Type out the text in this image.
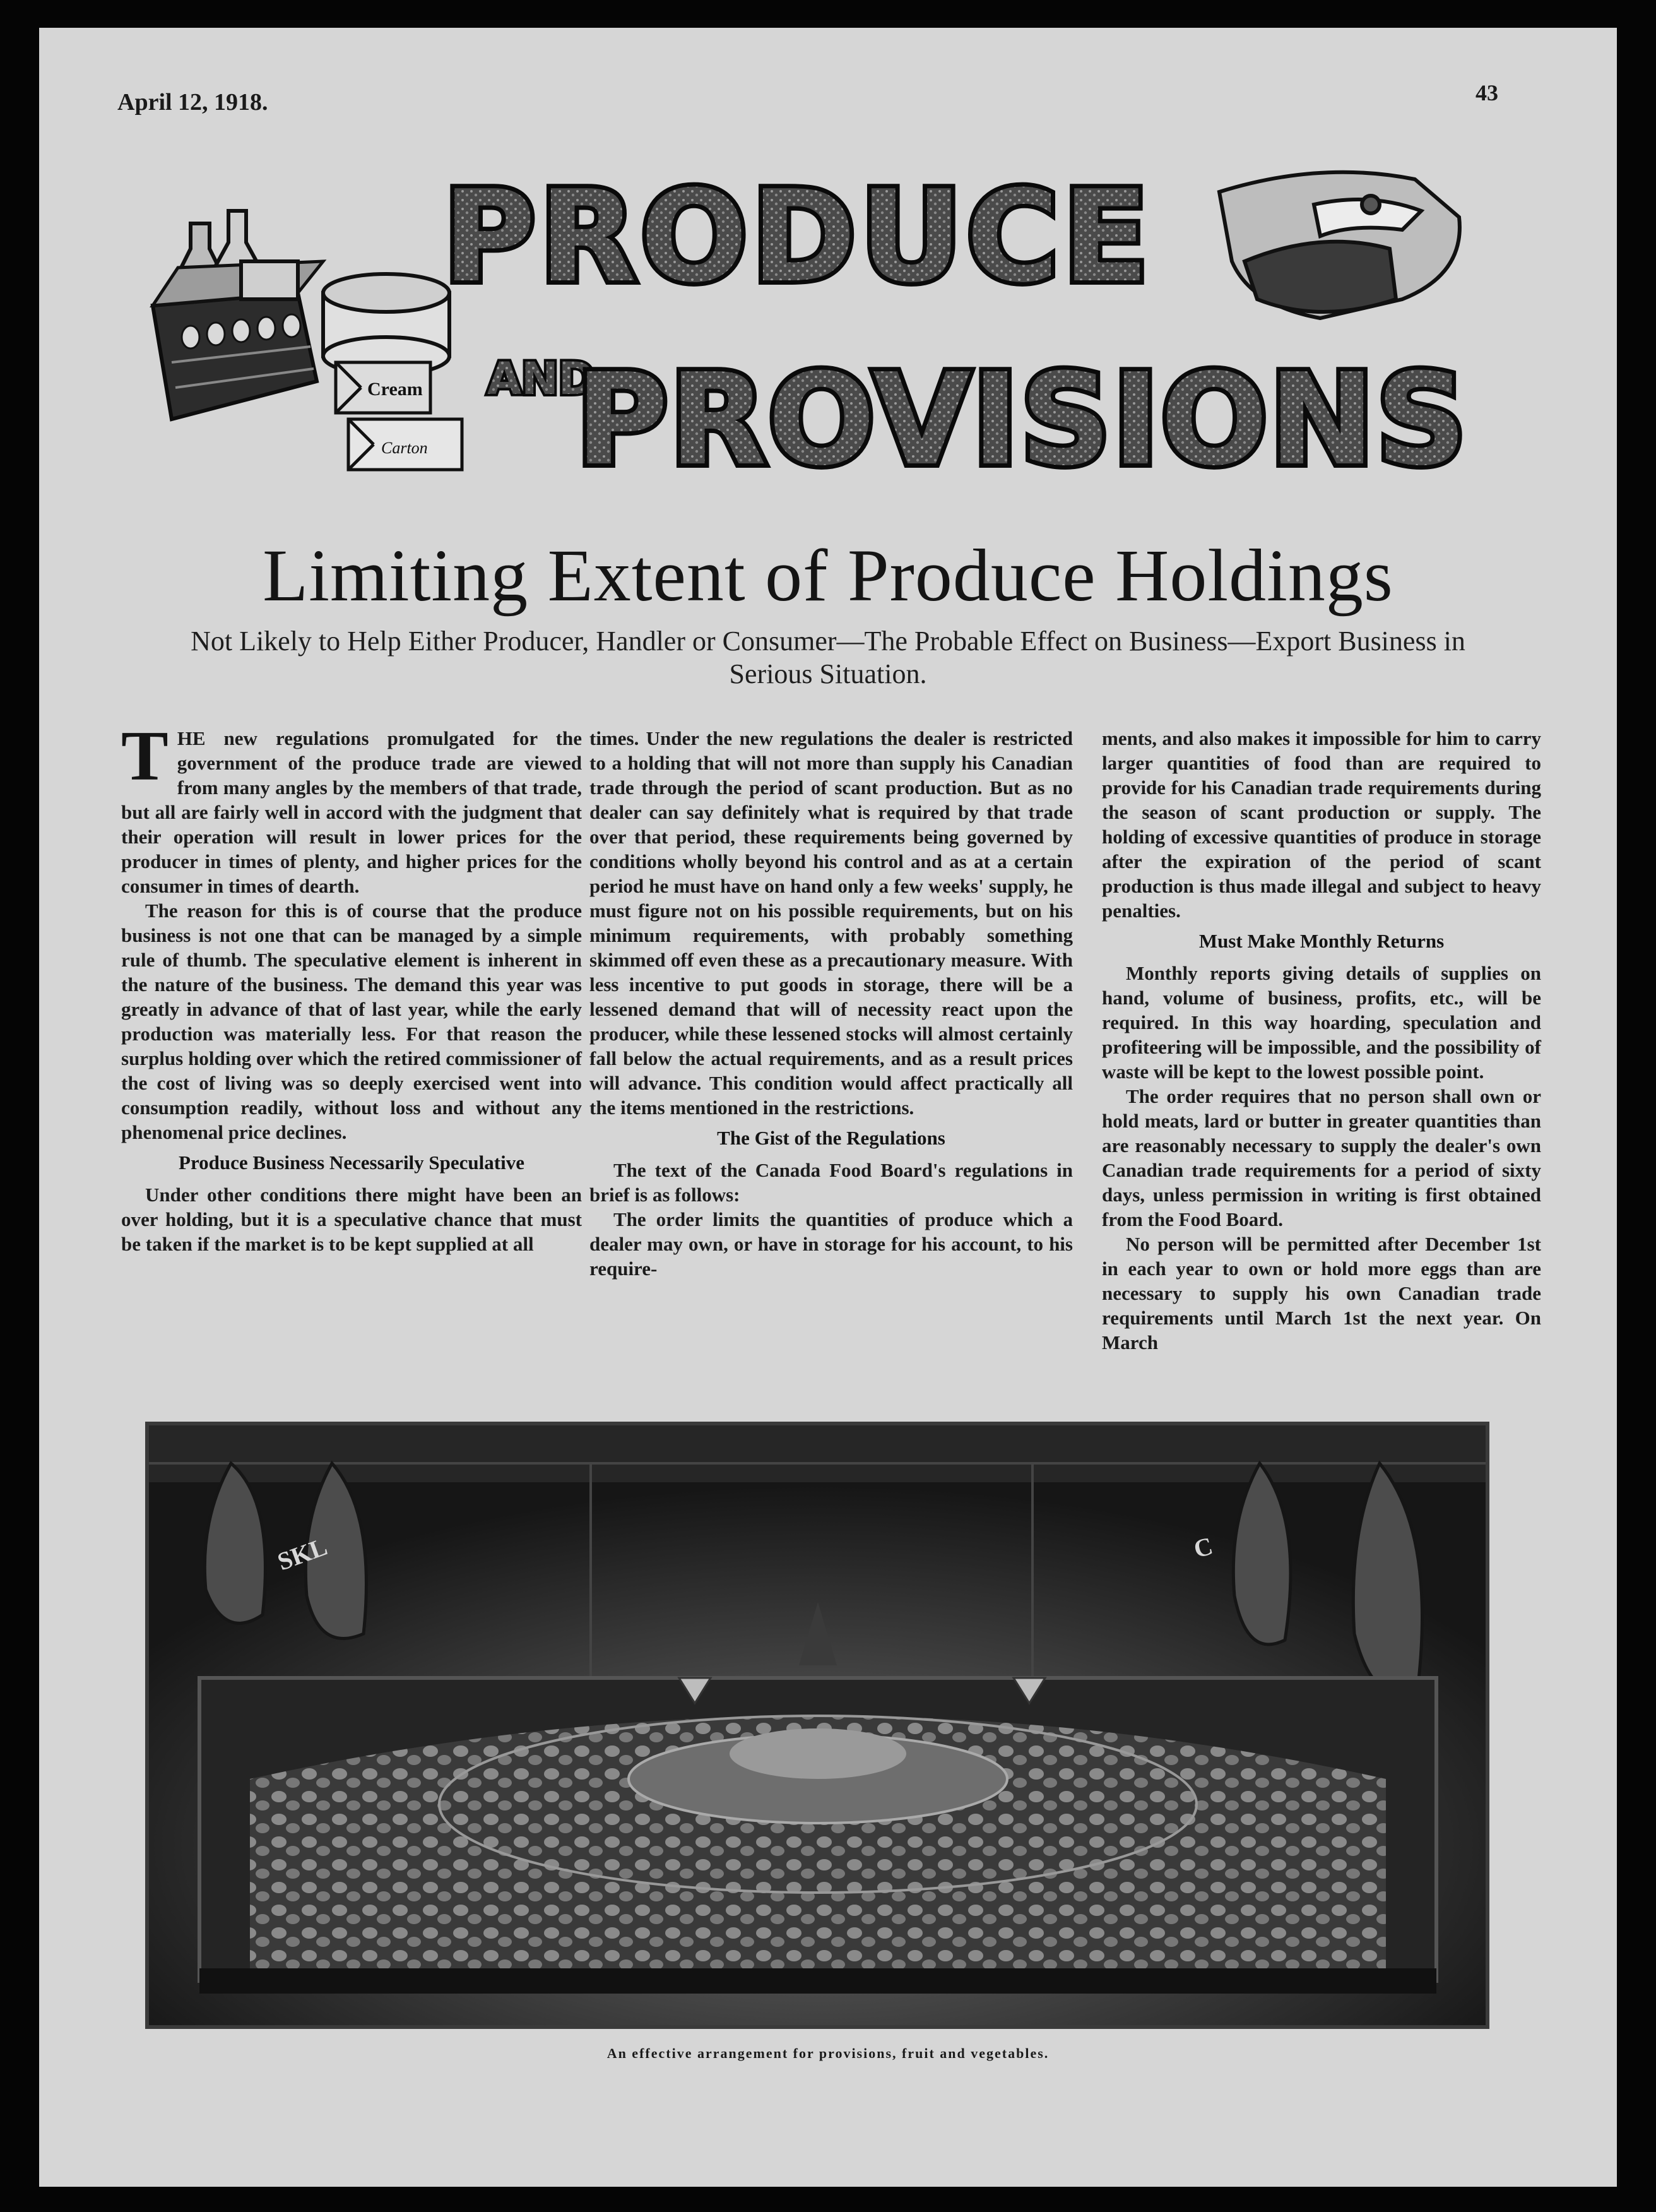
April 12, 1918.	43
Cream
Carton
PRODUCE
AND
PROVISIONS
Limiting Extent of Produce Holdings
Not Likely to Help Either Producer, Handler or Consumer—The Probable Effect on Business—Export Business in Serious Situation.

THE new regulations promulgated for the government of the produce trade are viewed from many angles by the members of that trade, but all are fairly well in accord with the judgment that their operation will result in lower prices for the producer in times of plenty, and higher prices for the consumer in times of dearth.

The reason for this is of course that the produce business is not one that can be managed by a simple rule of thumb. The speculative element is inherent in the nature of the business. The demand this year was greatly in advance of that of last year, while the early production was materially less. For that reason the surplus holding over which the retired commissioner of the cost of living was so deeply exercised went into consumption readily, without loss and without any phenomenal price declines.

Produce Business Necessarily Speculative

Under other conditions there might have been an over holding, but it is a speculative chance that must be taken if the market is to be kept supplied at all

times. Under the new regulations the dealer is restricted to a holding that will not more than supply his Canadian trade through the period of scant production. But as no dealer can say definitely what is required by that trade over that period, these requirements being governed by conditions wholly beyond his control and as at a certain period he must have on hand only a few weeks' supply, he must figure not on his possible requirements, but on his minimum requirements, with probably something skimmed off even these as a precautionary measure. With less incentive to put goods in storage, there will be a lessened demand that will of necessity react upon the producer, while these lessened stocks will almost certainly fall below the actual requirements, and as a result prices will advance. This condition would affect practically all the items mentioned in the restrictions.

The Gist of the Regulations

The text of the Canada Food Board's regulations in brief is as follows:

The order limits the quantities of produce which a dealer may own, or have in storage for his account, to his require-

ments, and also makes it impossible for him to carry larger quantities of food than are required to provide for his Canadian trade requirements during the season of scant production or supply. The holding of excessive quantities of produce in storage after the expiration of the period of scant production is thus made illegal and subject to heavy penalties.

Must Make Monthly Returns

Monthly reports giving details of supplies on hand, volume of business, profits, etc., will be required. In this way hoarding, speculation and profiteering will be impossible, and the possibility of waste will be kept to the lowest possible point.

The order requires that no person shall own or hold meats, lard or butter in greater quantities than are reasonably necessary to supply the dealer's own Canadian trade requirements for a period of sixty days, unless permission in writing is first obtained from the Food Board.

No person will be permitted after December 1st in each year to own or hold more eggs than are necessary to supply his own Canadian trade requirements until March 1st the next year. On March

SKL	C
An effective arrangement for provisions, fruit and vegetables.
